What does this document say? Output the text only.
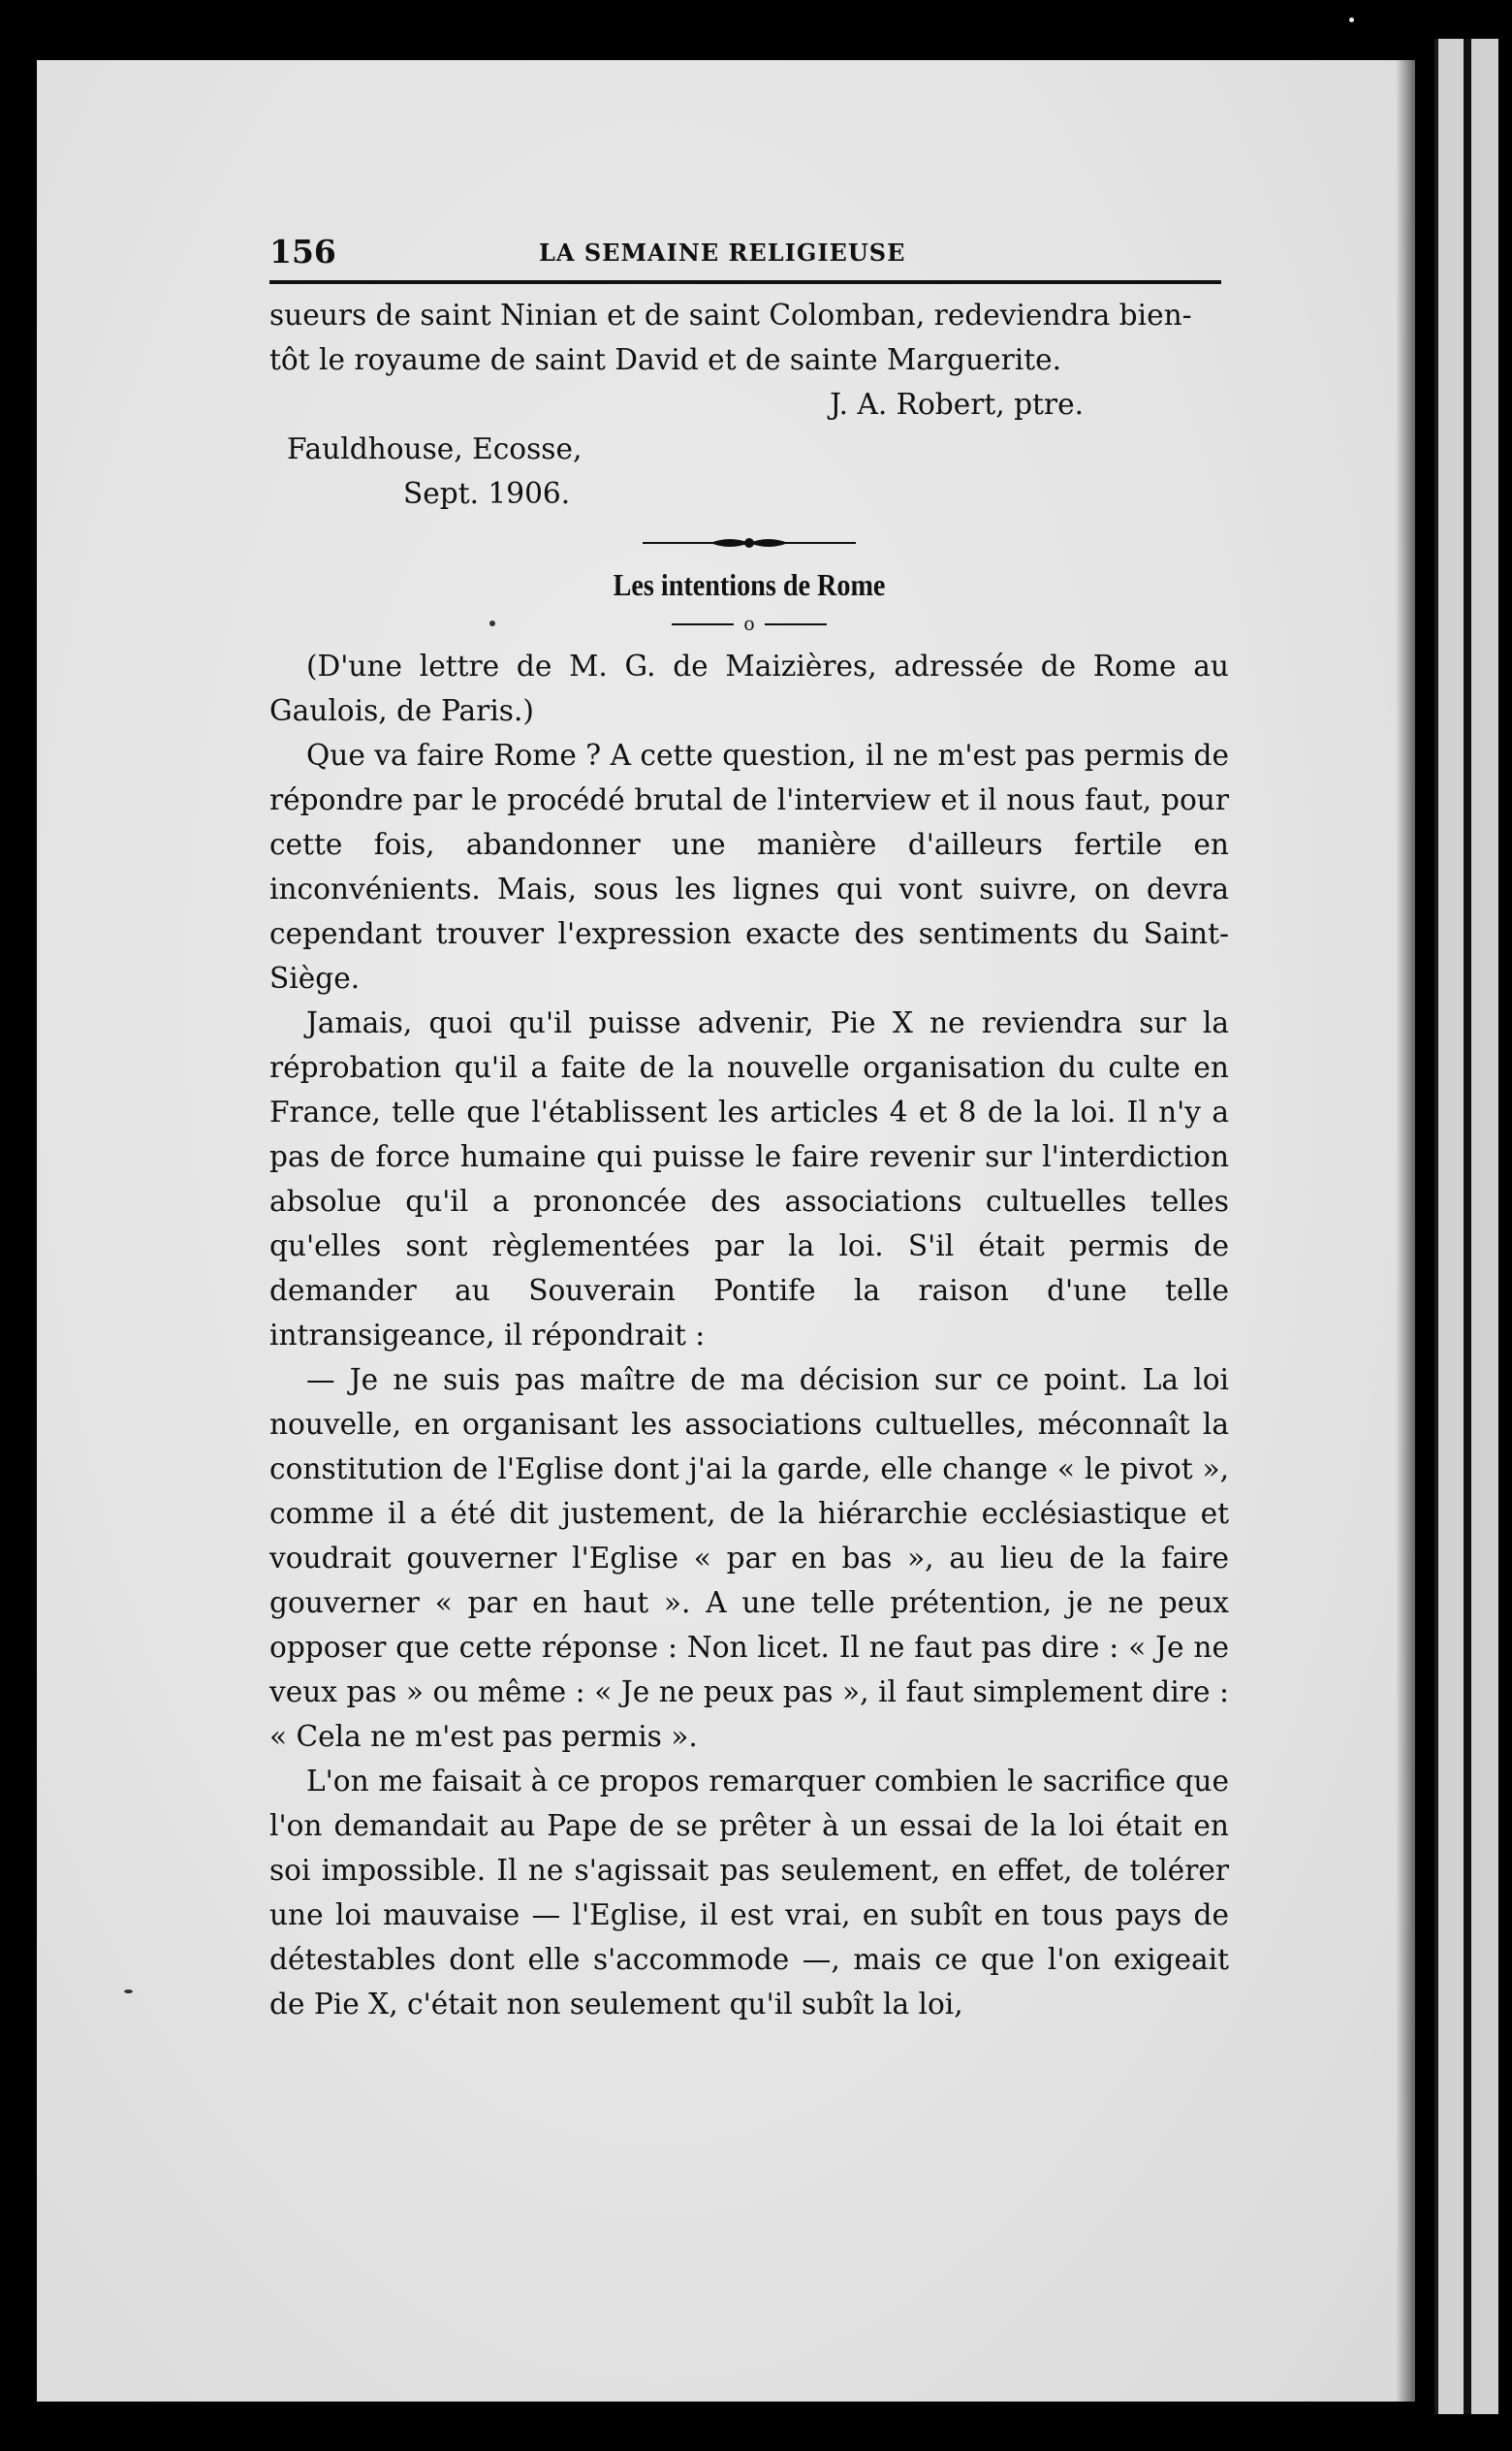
156	LA SEMAINE RELIGIEUSE

sueurs de saint Ninian et de saint Colomban, redeviendra bien-

tôt le royaume de saint David et de sainte Marguerite.

J. A. Robert, ptre.

Fauldhouse, Ecosse,

Sept. 1906.

Les intentions de Rome
o

(D'une lettre de M. G. de Maizières, adressée de Rome au Gaulois, de Paris.)

Que va faire Rome ? A cette question, il ne m'est pas permis de répondre par le procédé brutal de l'interview et il nous faut, pour cette fois, abandonner une manière d'ailleurs fertile en inconvénients. Mais, sous les lignes qui vont suivre, on devra cependant trouver l'expression exacte des sentiments du Saint-Siège.

Jamais, quoi qu'il puisse advenir, Pie X ne reviendra sur la réprobation qu'il a faite de la nouvelle organisation du culte en France, telle que l'établissent les articles 4 et 8 de la loi. Il n'y a pas de force humaine qui puisse le faire revenir sur l'interdiction absolue qu'il a prononcée des associations cultuelles telles qu'elles sont règlementées par la loi. S'il était permis de demander au Souverain Pontife la raison d'une telle intransigeance, il répondrait :

— Je ne suis pas maître de ma décision sur ce point. La loi nouvelle, en organisant les associations cultuelles, méconnaît la constitution de l'Eglise dont j'ai la garde, elle change « le pivot », comme il a été dit justement, de la hiérarchie ecclésiastique et voudrait gouverner l'Eglise « par en bas », au lieu de la faire gouverner « par en haut ». A une telle prétention, je ne peux opposer que cette réponse : Non licet. Il ne faut pas dire : « Je ne veux pas » ou même : « Je ne peux pas », il faut simplement dire : « Cela ne m'est pas permis ».

L'on me faisait à ce propos remarquer combien le sacrifice que l'on demandait au Pape de se prêter à un essai de la loi était en soi impossible. Il ne s'agissait pas seulement, en effet, de tolérer une loi mauvaise — l'Eglise, il est vrai, en subît en tous pays de détestables dont elle s'accommode —, mais ce que l'on exigeait de Pie X, c'était non seulement qu'il subît la loi,
